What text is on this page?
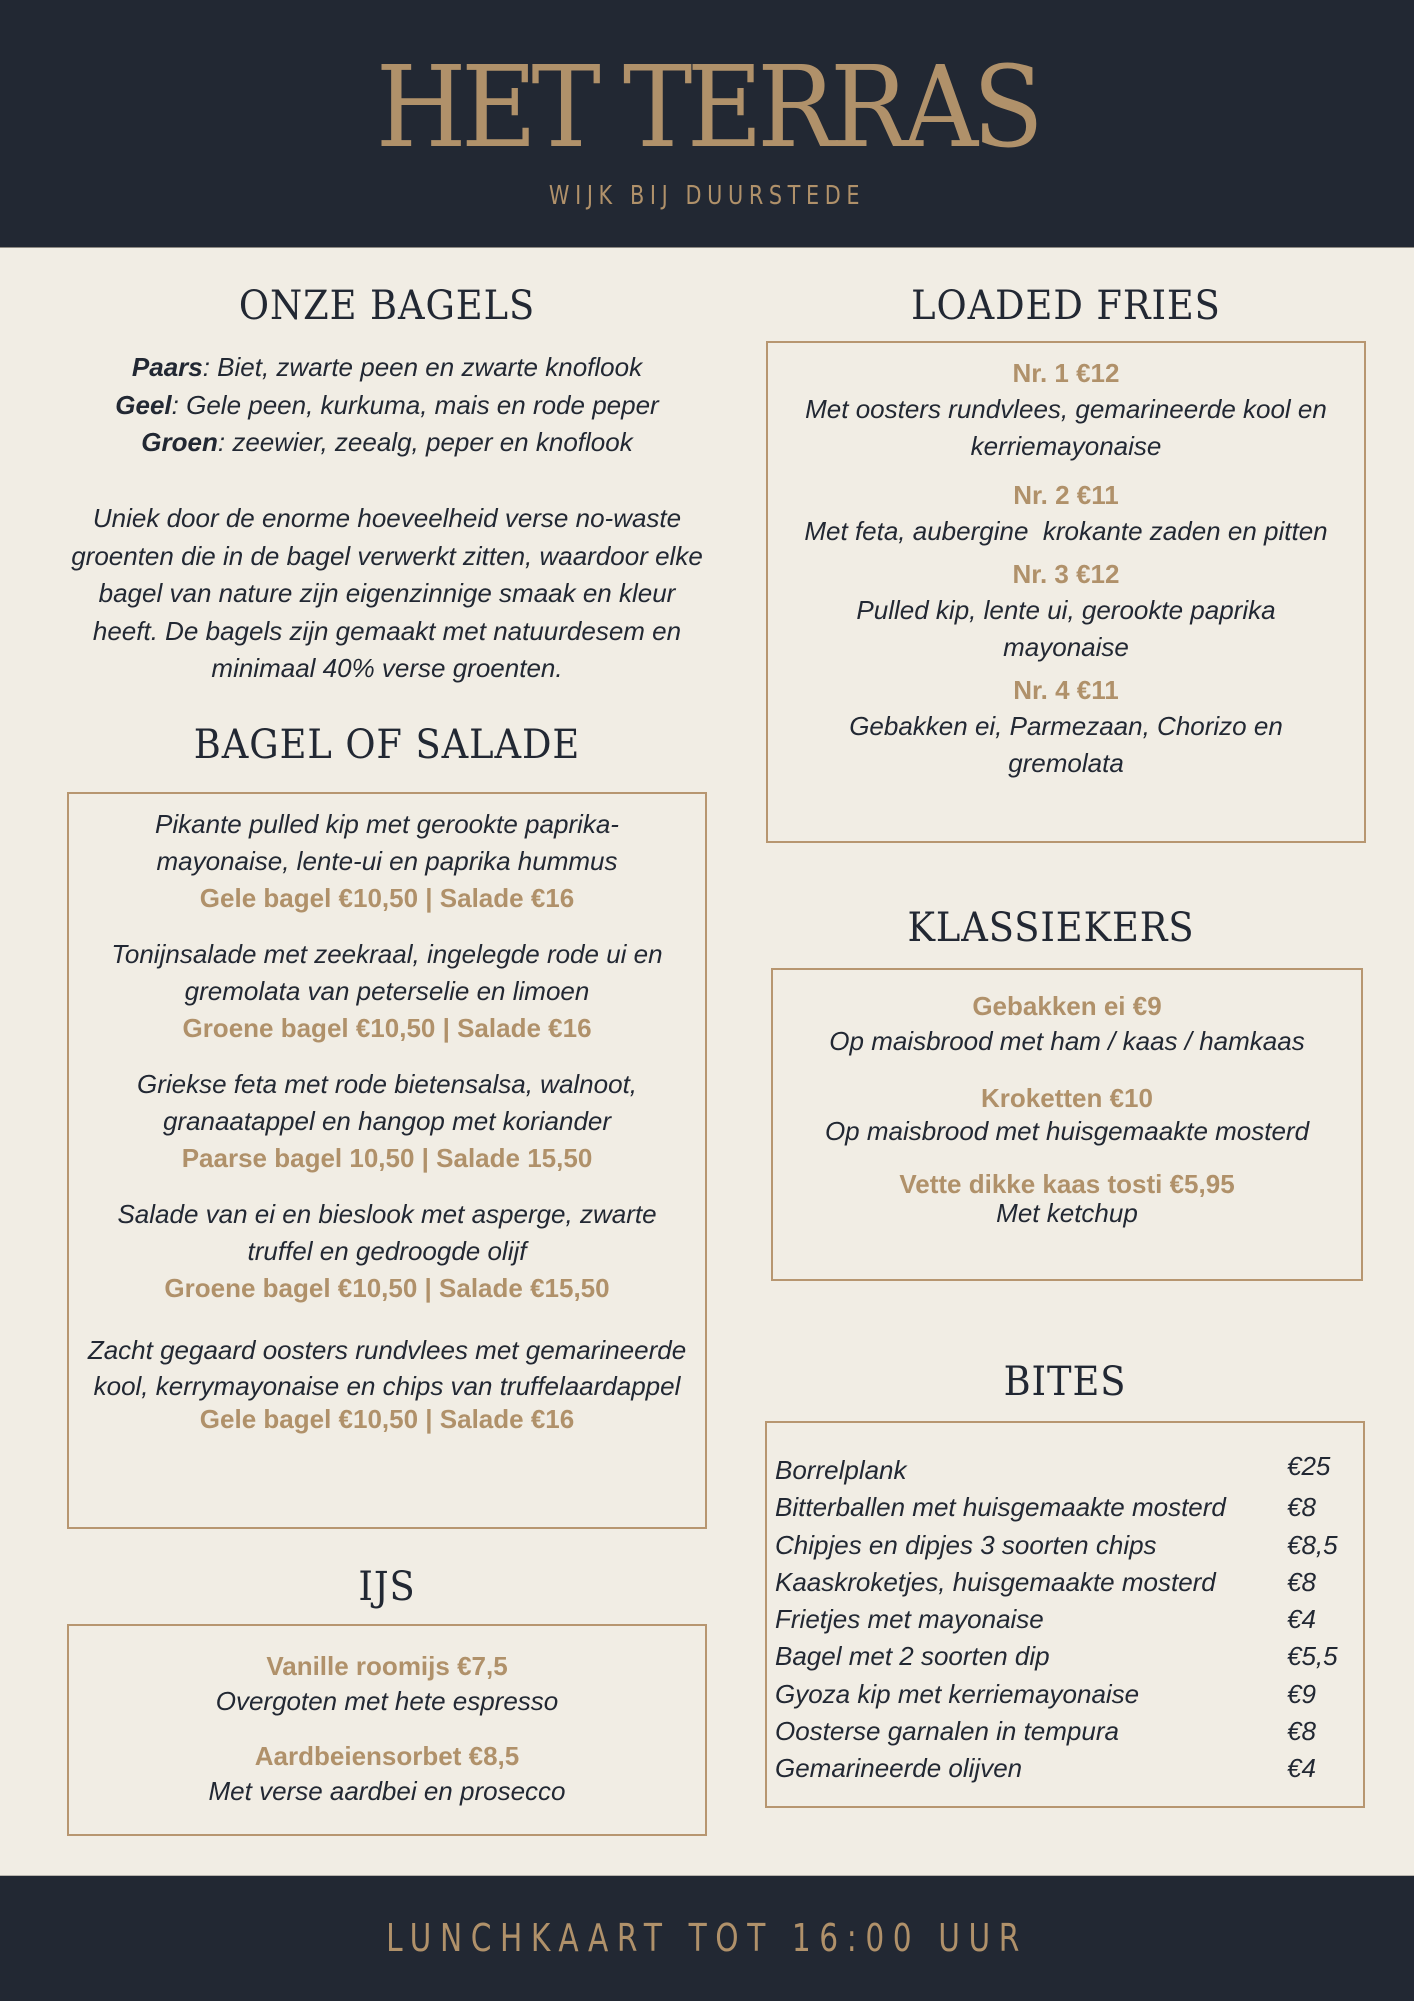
HET TERRAS
WIJK BIJ DUURSTEDE
ONZE BAGELS
Paars: Biet, zwarte peen en zwarte knoflook
Geel: Gele peen, kurkuma, mais en rode peper
Groen: zeewier, zeealg, peper en knoflook
Uniek door de enorme hoeveelheid verse no-waste groenten die in de bagel verwerkt zitten, waardoor elke bagel van nature zijn eigenzinnige smaak en kleur heeft. De bagels zijn gemaakt met natuurdesem en minimaal 40% verse groenten.
BAGEL OF SALADE
Pikante pulled kip met gerookte paprika-mayonaise, lente-ui en paprika hummus
Gele bagel €10,50 | Salade €16
Tonijnsalade met zeekraal, ingelegde rode ui en gremolata van peterselie en limoen
Groene bagel €10,50 | Salade €16
Griekse feta met rode bietensalsa, walnoot, granaatappel en hangop met koriander
Paarse bagel 10,50 | Salade 15,50
Salade van ei en bieslook met asperge, zwarte truffel en gedroogde olijf
Groene bagel €10,50 | Salade €15,50
Zacht gegaard oosters rundvlees met gemarineerde kool, kerrymayonaise en chips van truffelaardappel
Gele bagel €10,50 | Salade €16
IJS
Vanille roomijs €7,5
Overgoten met hete espresso
Aardbeiensorbet €8,5
Met verse aardbei en prosecco
LOADED FRIES
Nr. 1 €12
Met oosters rundvlees, gemarineerde kool en kerriemayonaise
Nr. 2 €11
Met feta, aubergine  krokante zaden en pitten
Nr. 3 €12
Pulled kip, lente ui, gerookte paprika mayonaise
Nr. 4 €11
Gebakken ei, Parmezaan, Chorizo en gremolata
KLASSIEKERS
Gebakken ei €9
Op maisbrood met ham / kaas / hamkaas
Kroketten €10
Op maisbrood met huisgemaakte mosterd
Vette dikke kaas tosti €5,95
Met ketchup
BITES
Borrelplank	€25
Bitterballen met huisgemaakte mosterd	€8
Chipjes en dipjes 3 soorten chips	€8,5
Kaaskroketjes, huisgemaakte mosterd	€8
Frietjes met mayonaise	€4
Bagel met 2 soorten dip	€5,5
Gyoza kip met kerriemayonaise	€9
Oosterse garnalen in tempura	€8
Gemarineerde olijven	€4
LUNCHKAART TOT 16:00 UUR
